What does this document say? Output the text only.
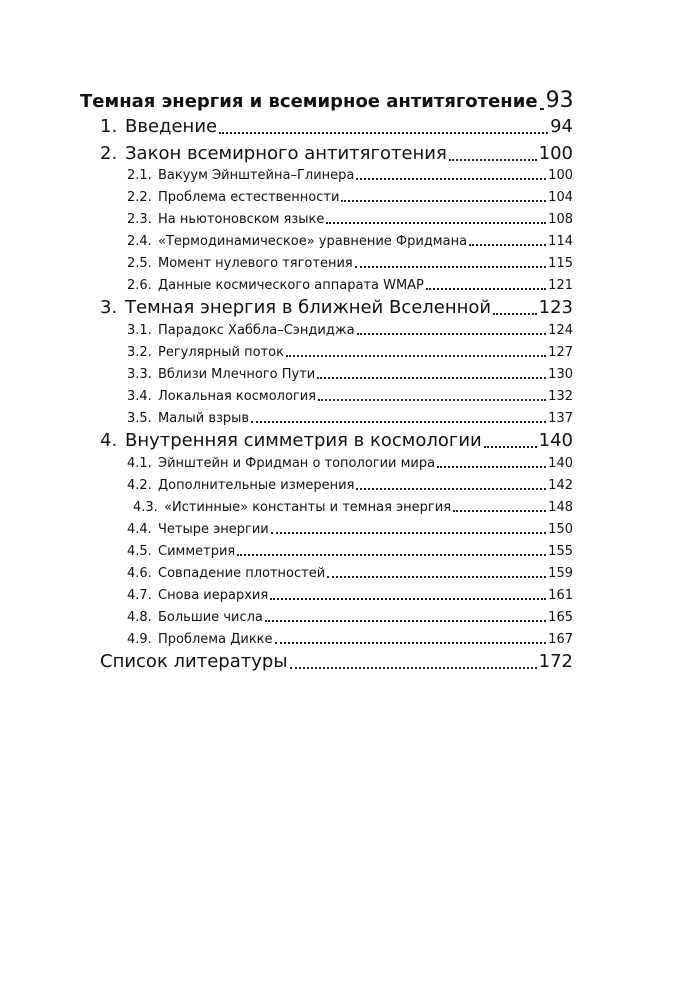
Темная энергия и всемирное антитяготение 93
1. Введение	94
2. Закон всемирного антитяготения	100
2.1. Вакуум Эйнштейна–Глинера	100
2.2. Проблема естественности	104
2.3. На ньютоновском языке	108
2.4. «Термодинамическое» уравнение Фридмана	114
2.5. Момент нулевого тяготения	115
2.6. Данные космического аппарата WMAP	121
3. Темная энергия в ближней Вселенной	123
3.1. Парадокс Хаббла–Сэндиджа	124
3.2. Регулярный поток	127
3.3. Вблизи Млечного Пути	130
3.4. Локальная космология	132
3.5. Малый взрыв	137
4. Внутренняя симметрия в космологии	140
4.1. Эйнштейн и Фридман о топологии мира	140
4.2. Дополнительные измерения	142
4.3. «Истинные» константы и темная энергия	148
4.4. Четыре энергии	150
4.5. Симметрия	155
4.6. Совпадение плотностей	159
4.7. Снова иерархия	161
4.8. Большие числа	165
4.9. Проблема Дикке	167
Список литературы	172
